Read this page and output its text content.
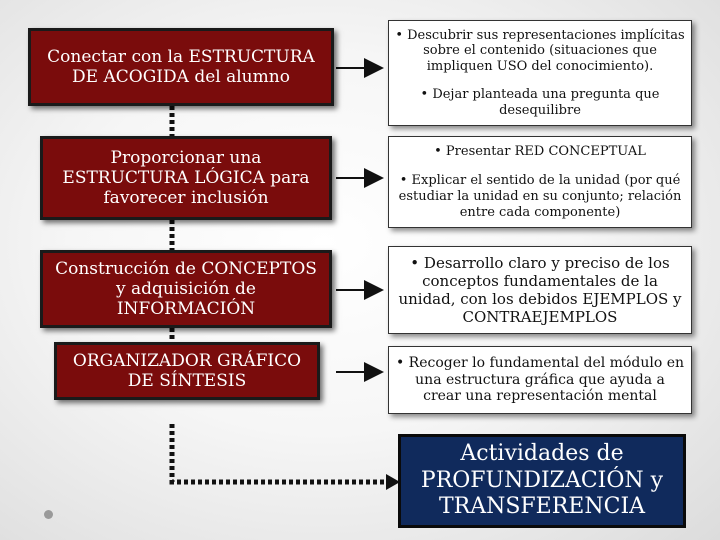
Conectar con la ESTRUCTURA DE ACOGIDA del alumno
Proporcionar una ESTRUCTURA LÓGICA para favorecer inclusión
Construcción de CONCEPTOS y adquisición de INFORMACIÓN
ORGANIZADOR GRÁFICO DE SÍNTESIS
• Descubrir sus representaciones implícitas sobre el contenido (situaciones que impliquen USO del conocimiento).
• Dejar planteada una pregunta que desequilibre
• Presentar RED CONCEPTUAL
• Explicar el sentido de la unidad (por qué estudiar la unidad en su conjunto; relación entre cada componente)
• Desarrollo claro y preciso de los conceptos fundamentales de la unidad, con los debidos EJEMPLOS y CONTRAEJEMPLOS
• Recoger lo fundamental del módulo en una estructura gráfica que ayuda a crear una representación mental
Actividades de PROFUNDIZACIÓN y TRANSFERENCIA
